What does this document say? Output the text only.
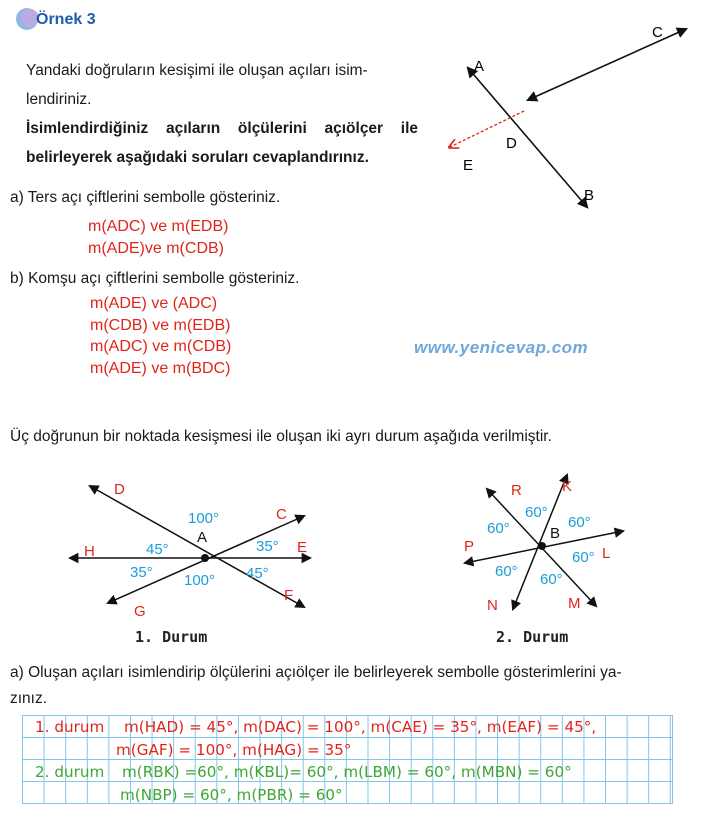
Örnek 3
Yandaki doğruların kesişimi ile oluşan açıları isim-
lendiriniz.
İsimlendirdiğiniz açıların ölçülerini açıölçer ile belirleyerek aşağıdaki soruları cevaplandırınız.
A
C
D
E
B
a) Ters açı çiftlerini sembolle gösteriniz.
m(ADC) ve m(EDB)
m(ADE)ve m(CDB)
b) Komşu açı çiftlerini sembolle gösteriniz.
m(ADE) ve (ADC)
m(CDB) ve m(EDB)
m(ADC) ve m(CDB)
m(ADE) ve m(BDC)
www.yenicevap.com
Üç doğrunun bir noktada kesişmesi ile oluşan iki ayrı durum aşağıda verilmiştir.
D
C
H	E
G
F
A
100°
100°
45°
35°
35°
45°
1. Durum
R	K
P	L
N	M
B
60°
60°	60°
60°
60°
60°
2. Durum
a) Oluşan açıları isimlendirip ölçülerini açıölçer ile belirleyerek sembolle gösterimlerini ya-
zınız.
1. durum m(HAD) = 45°, m(DAC) = 100°, m(CAE) = 35°, m(EAF) = 45°,
m(GAF) = 100°, m(HAG) = 35°
2. durum m(RBK) =60°, m(KBL)= 60°, m(LBM) = 60°, m(MBN) = 60°
m(NBP) = 60°, m(PBR) = 60°
